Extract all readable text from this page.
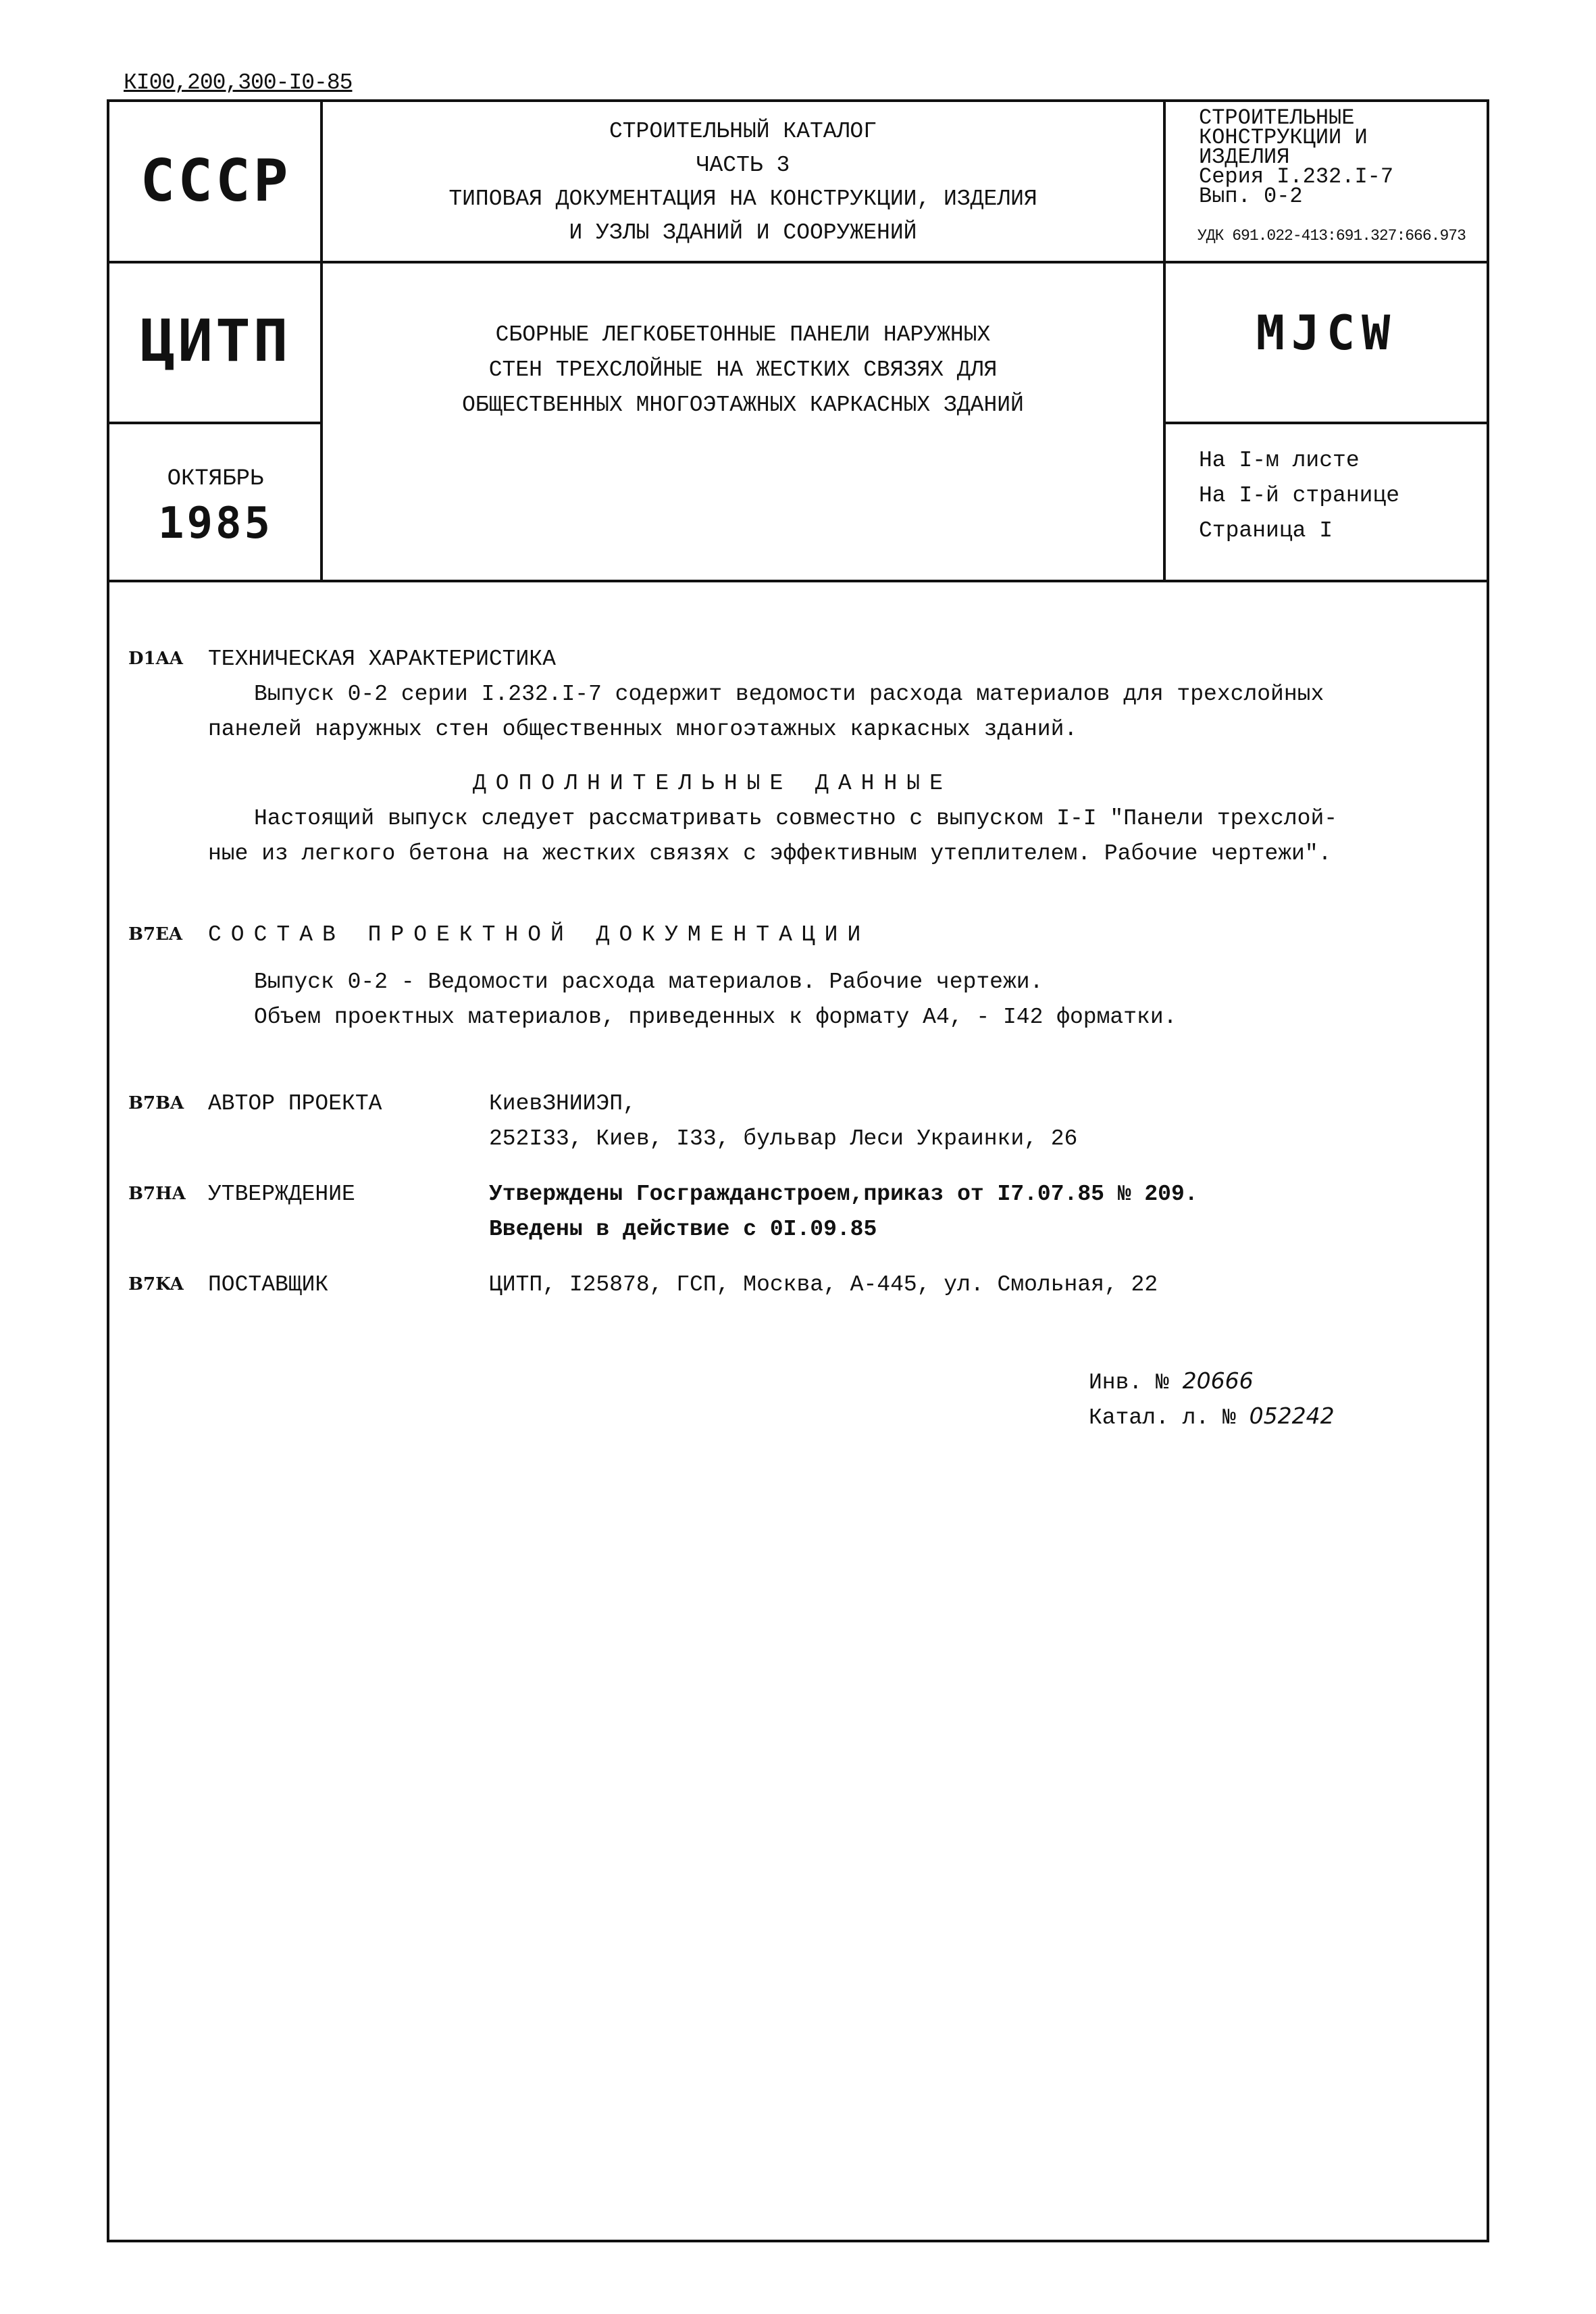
КI00,200,300-I0-85
СССР
ЦИТП
ОКТЯБРЬ
1985
СТРОИТЕЛЬНЫЙ КАТАЛОГ
ЧАСТЬ 3
ТИПОВАЯ ДОКУМЕНТАЦИЯ НА КОНСТРУКЦИИ, ИЗДЕЛИЯ
И УЗЛЫ ЗДАНИЙ И СООРУЖЕНИЙ
СБОРНЫЕ ЛЕГКОБЕТОННЫЕ ПАНЕЛИ НАРУЖНЫХ
СТЕН ТРЕХСЛОЙНЫЕ НА ЖЕСТКИХ СВЯЗЯХ ДЛЯ
ОБЩЕСТВЕННЫХ МНОГОЭТАЖНЫХ КАРКАСНЫХ ЗДАНИЙ
СТРОИТЕЛЬНЫЕ
КОНСТРУКЦИИ И
ИЗДЕЛИЯ
Серия I.232.I-7
Вып. 0-2
УДК 691.022-413:691.327:666.973
MJCW
На I-м листе
На I-й странице
Страница I
D1AA ТЕХНИЧЕСКАЯ ХАРАКТЕРИСТИКА
Выпуск 0-2 серии I.232.I-7 содержит ведомости расхода материалов для трехслойных
панелей наружных стен общественных многоэтажных каркасных зданий.
ДОПОЛНИТЕЛЬНЫЕ ДАННЫЕ
Настоящий выпуск следует рассматривать совместно с выпуском I-I "Панели трехслой-
ные из легкого бетона на жестких связях с эффективным утеплителем. Рабочие чертежи".
B7EA СОСТАВ ПРОЕКТНОЙ ДОКУМЕНТАЦИИ
Выпуск 0-2 - Ведомости расхода материалов. Рабочие чертежи.
Объем проектных материалов, приведенных к формату А4, - I42 форматки.
B7BA АВТОР ПРОЕКТА	КиевЗНИИЭП,
252I33, Киев, I33, бульвар Леси Украинки, 26
B7HA УТВЕРЖДЕНИЕ	Утверждены Госгражданстроем,приказ от I7.07.85 № 209.
Введены в действие с 0I.09.85
B7KA ПОСТАВЩИК	ЦИТП, I25878, ГСП, Москва, А-445, ул. Смольная, 22
Инв. № 20666
Катал. л. № 052242
